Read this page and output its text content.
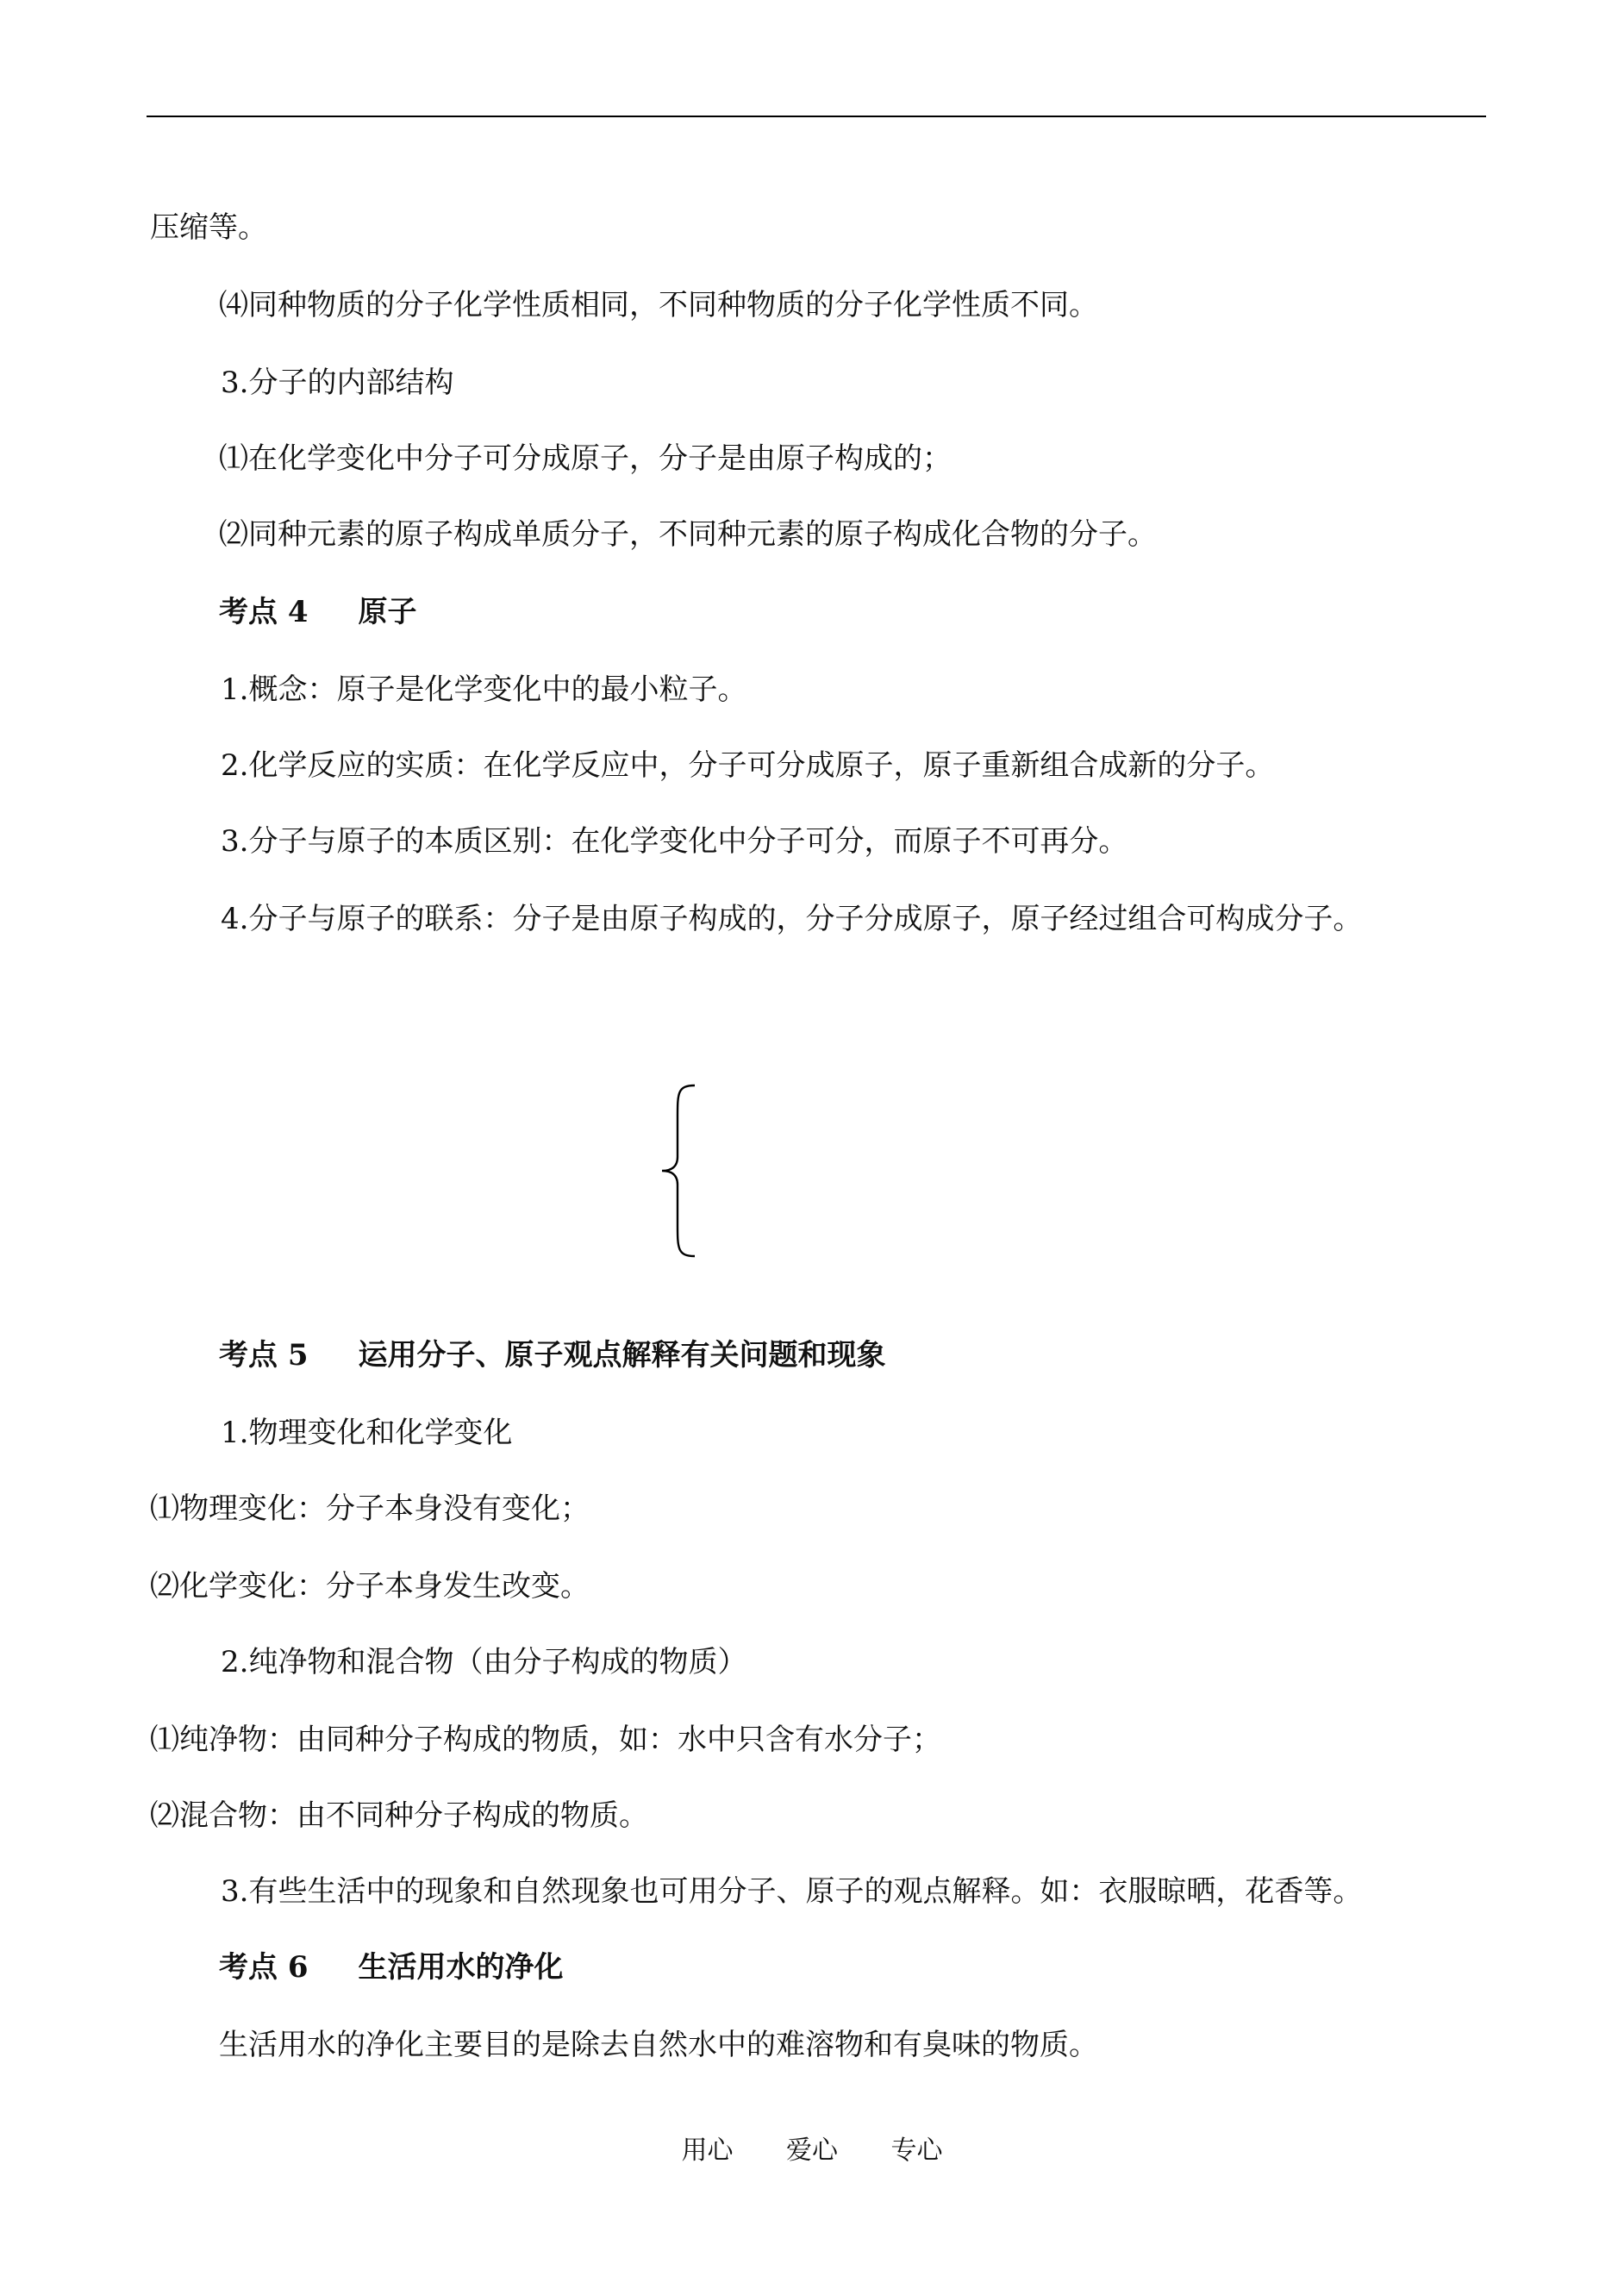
压缩等。
⑷同种物质的分子化学性质相同，不同种物质的分子化学性质不同。
3.分子的内部结构
⑴在化学变化中分子可分成原子，分子是由原子构成的；
⑵同种元素的原子构成单质分子，不同种元素的原子构成化合物的分子。
考点 4 原子
1.概念：原子是化学变化中的最小粒子。
2.化学反应的实质：在化学反应中，分子可分成原子，原子重新组合成新的分子。
3.分子与原子的本质区别：在化学变化中分子可分，而原子不可再分。
4.分子与原子的联系：分子是由原子构成的，分子分成原子，原子经过组合可构成分子。
考点 5 运用分子、原子观点解释有关问题和现象
1.物理变化和化学变化
⑴物理变化：分子本身没有变化；
⑵化学变化：分子本身发生改变。
2.纯净物和混合物（由分子构成的物质）
⑴纯净物：由同种分子构成的物质，如：水中只含有水分子；
⑵混合物：由不同种分子构成的物质。
3.有些生活中的现象和自然现象也可用分子、原子的观点解释。如：衣服晾晒，花香等。
考点 6 生活用水的净化
生活用水的净化主要目的是除去自然水中的难溶物和有臭味的物质。
用心 爱心 专心
